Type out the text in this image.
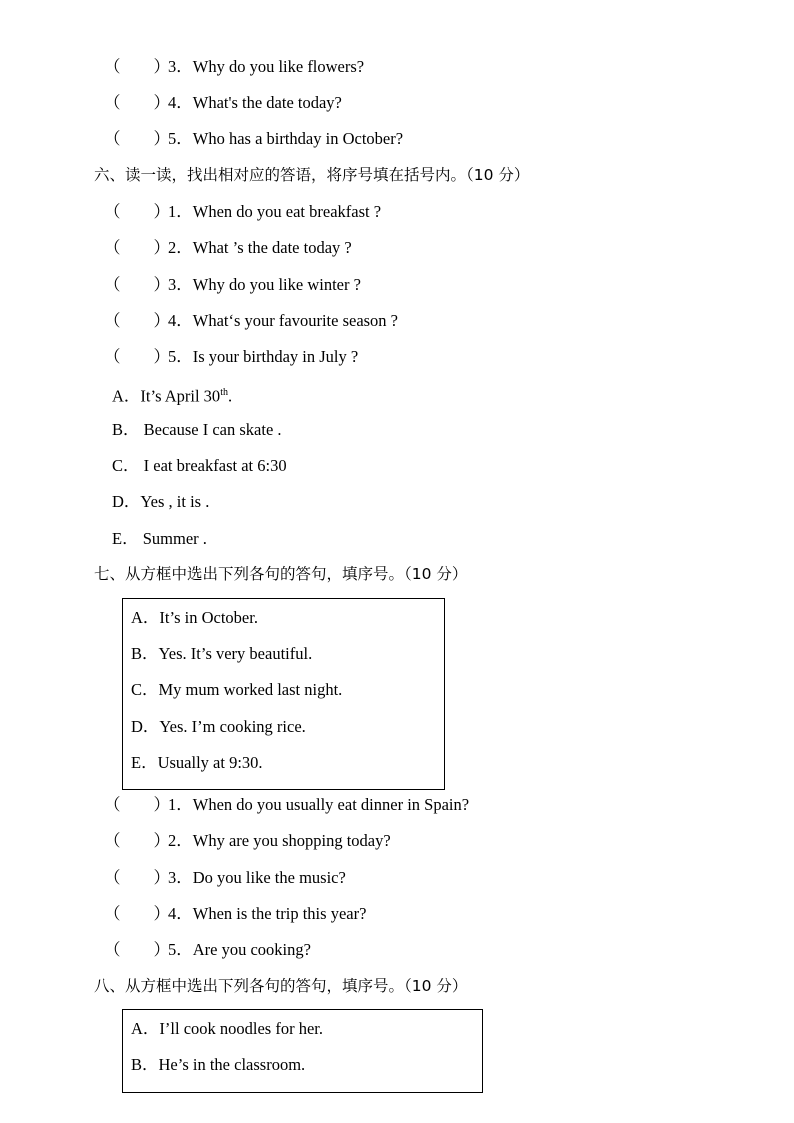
（　　）
3．Why do you like flowers?
（　　）
4．What's the date today?
（　　）
5．Who has a birthday in October?
六、读一读，找出相对应的答语，将序号填在括号内。（10 分）
（　　）
1．When do you eat breakfast ?
（　　）
2．What ’s the date today ?
（　　）
3．Why do you like winter ?
（　　）
4．What‘s your favourite season ?
（　　）
5．Is your birthday in July ?
A．It’s April 30th.
B． Because I can skate .
C． I eat breakfast at 6:30
D．Yes , it is .
E． Summer .
七、从方框中选出下列各句的答句，填序号。（10 分）
A．It’s in October.
B．Yes. It’s very beautiful.
C．My mum worked last night.
D．Yes. I’m cooking rice.
E．Usually at 9:30.
（　　）
1．When do you usually eat dinner in Spain?
（　　）
2．Why are you shopping today?
（　　）
3．Do you like the music?
（　　）
4．When is the trip this year?
（　　）
5．Are you cooking?
八、从方框中选出下列各句的答句，填序号。（10 分）
A．I’ll cook noodles for her.
B．He’s in the classroom.
